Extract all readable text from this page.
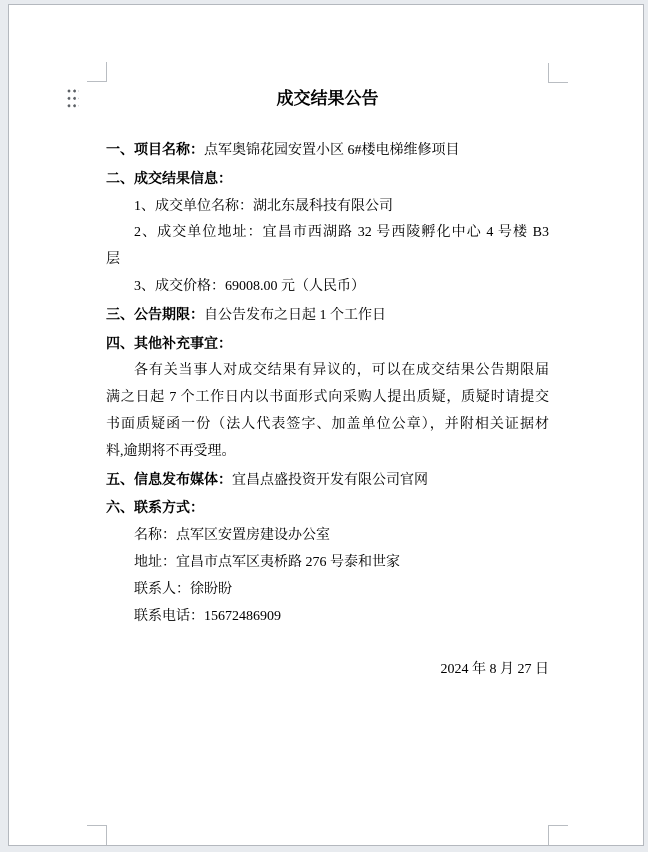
成交结果公告
一、项目名称：点军奥锦花园安置小区 6#楼电梯维修项目
二、成交结果信息：
1、成交单位名称：湖北东晟科技有限公司
2、成交单位地址：宜昌市西湖路 32 号西陵孵化中心 4 号楼 B3
层
3、成交价格：69008.00 元（人民币）
三、公告期限：自公告发布之日起 1 个工作日
四、其他补充事宜：
各有关当事人对成交结果有异议的，可以在成交结果公告期限届
满之日起 7 个工作日内以书面形式向采购人提出质疑，质疑时请提交
书面质疑函一份（法人代表签字、加盖单位公章），并附相关证据材
料,逾期将不再受理。
五、信息发布媒体：宜昌点盛投资开发有限公司官网
六、联系方式：
名称：点军区安置房建设办公室
地址：宜昌市点军区夷桥路 276 号泰和世家
联系人：徐盼盼
联系电话：15672486909

2024 年 8 月 27 日
